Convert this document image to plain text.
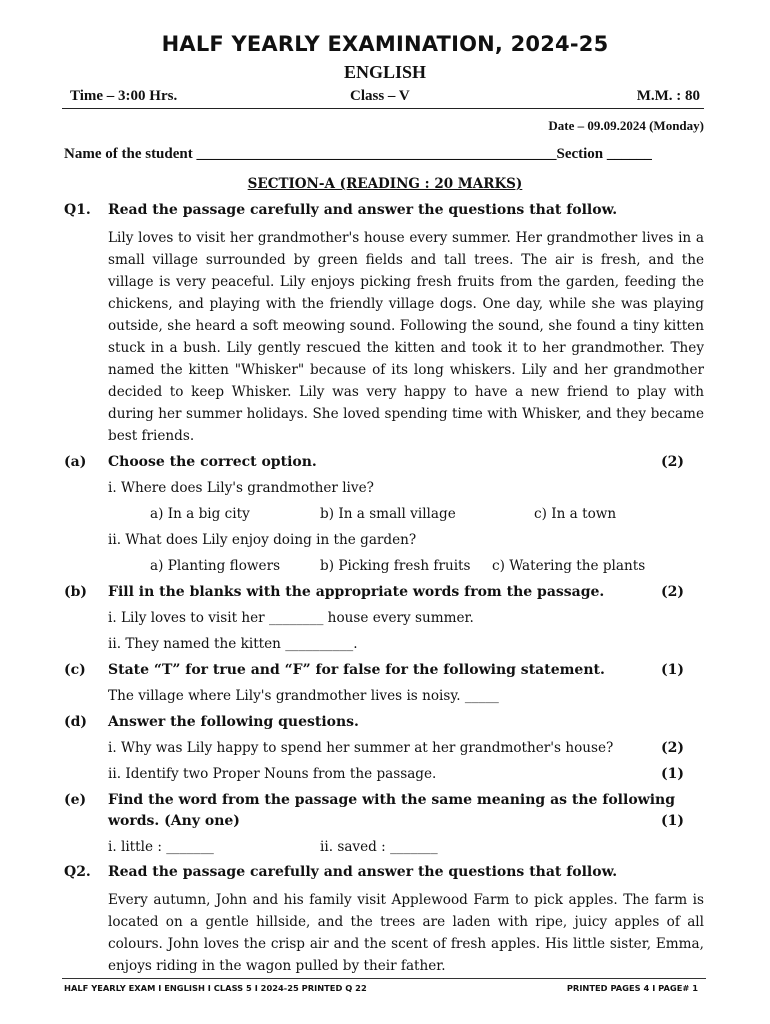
HALF YEARLY EXAMINATION, 2024-25
ENGLISH
Time – 3:00 Hrs.	Class – V	M.M. : 80
Date – 09.09.2024 (Monday)
Name of the student ________________________________________________Section ______
SECTION-A (READING : 20 MARKS)
Q1. Read the passage carefully and answer the questions that follow.
Lily loves to visit her grandmother's house every summer. Her grandmother lives in a small village surrounded by green fields and tall trees. The air is fresh, and the village is very peaceful. Lily enjoys picking fresh fruits from the garden, feeding the chickens, and playing with the friendly village dogs. One day, while she was playing outside, she heard a soft meowing sound. Following the sound, she found a tiny kitten stuck in a bush. Lily gently rescued the kitten and took it to her grandmother. They named the kitten "Whisker" because of its long whiskers. Lily and her grandmother decided to keep Whisker. Lily was very happy to have a new friend to play with during her summer holidays. She loved spending time with Whisker, and they became best friends.
(a) Choose the correct option.	(2)
i. Where does Lily's grandmother live?
a) In a big city	b) In a small village	c) In a town
ii. What does Lily enjoy doing in the garden?
a) Planting flowers	b) Picking fresh fruits c) Watering the plants
(b) Fill in the blanks with the appropriate words from the passage.	(2)
i. Lily loves to visit her ________ house every summer.
ii. They named the kitten __________.
(c) State “T” for true and “F” for false for the following statement.	(1)
The village where Lily's grandmother lives is noisy. _____
(d) Answer the following questions.
i. Why was Lily happy to spend her summer at her grandmother's house?	(2)
ii. Identify two Proper Nouns from the passage.	(1)
(e) Find the word from the passage with the same meaning as the following
words. (Any one)	(1)
i. little : _______	ii. saved : _______
Q2. Read the passage carefully and answer the questions that follow.
Every autumn, John and his family visit Applewood Farm to pick apples. The farm is located on a gentle hillside, and the trees are laden with ripe, juicy apples of all colours. John loves the crisp air and the scent of fresh apples. His little sister, Emma, enjoys riding in the wagon pulled by their father.
HALF YEARLY EXAM I ENGLISH I CLASS 5 I 2024-25 PRINTED Q 22	PRINTED PAGES 4 I PAGE# 1
